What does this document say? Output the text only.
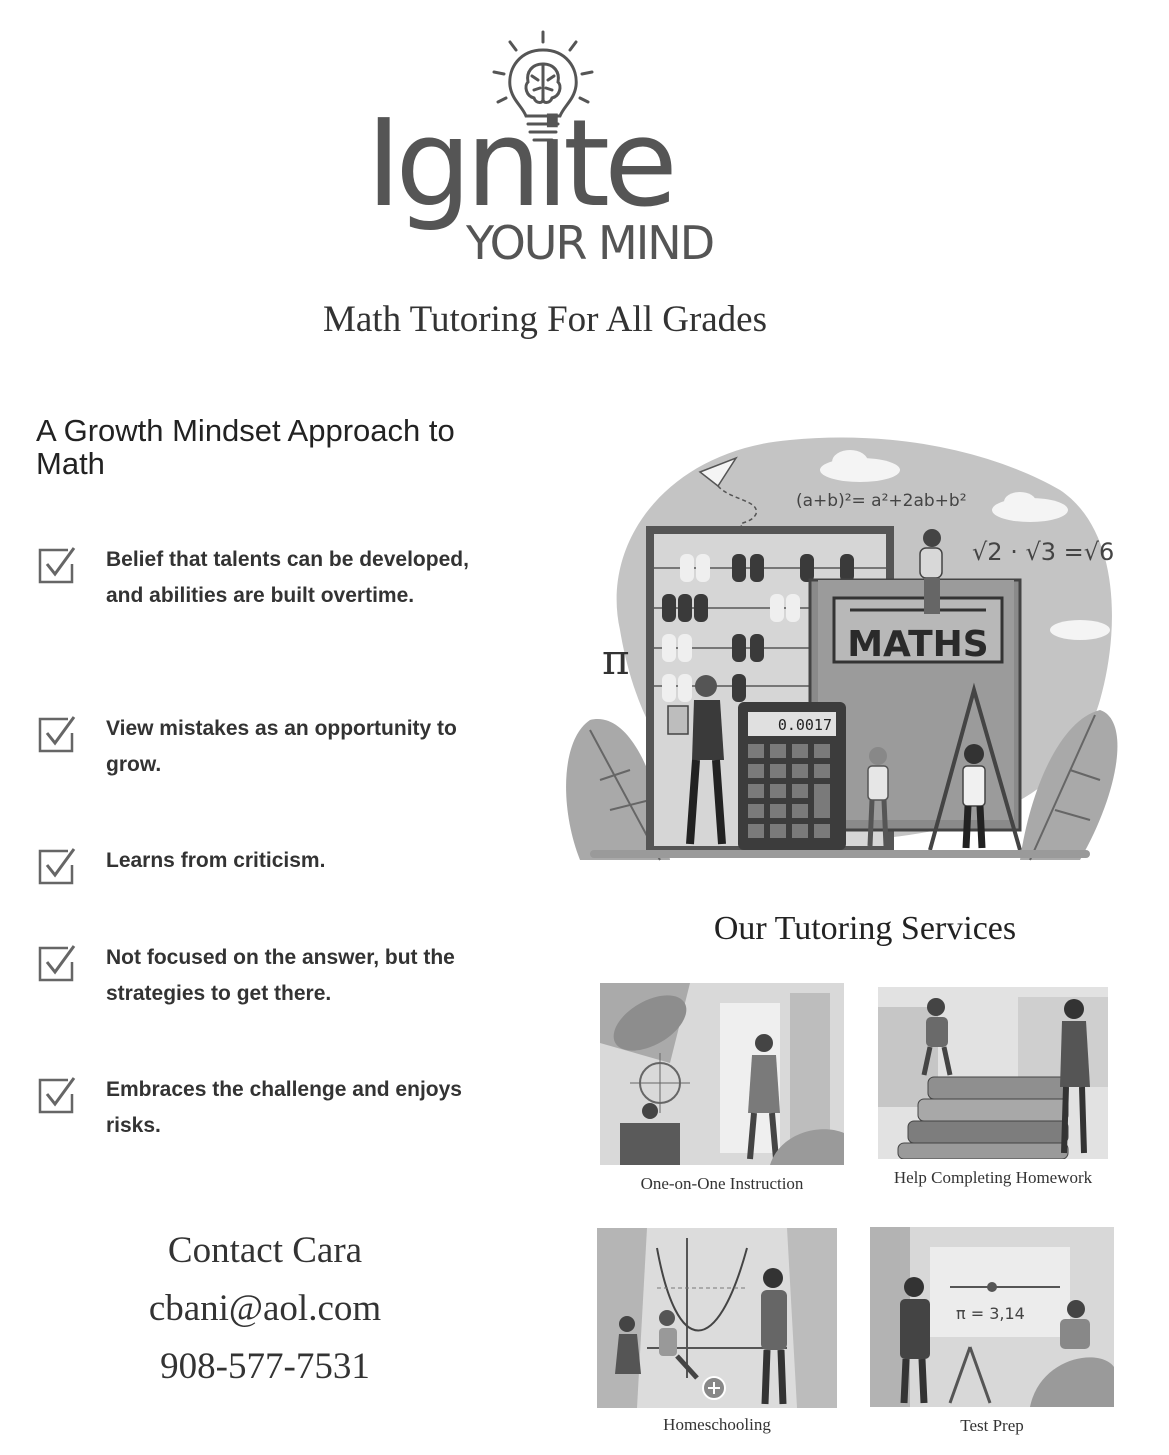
Ignite
YOUR MIND
Math Tutoring For All Grades
A Growth Mindset Approach to Math
Belief that talents can be developed, and abilities are built overtime.
View mistakes as an opportunity to grow.
Learns from criticism.
Not focused on the answer, but the strategies to get there.
Embraces the challenge and enjoys risks.
Contact Cara
cbani@aol.com
908-577-7531
(a+b)²= a²+2ab+b²
√2 · √3 =√6
π	MATHS
0.0017
Our Tutoring Services
One-on-One Instruction	Help Completing Homework
Homeschooling
π = 3,14
Test Prep
